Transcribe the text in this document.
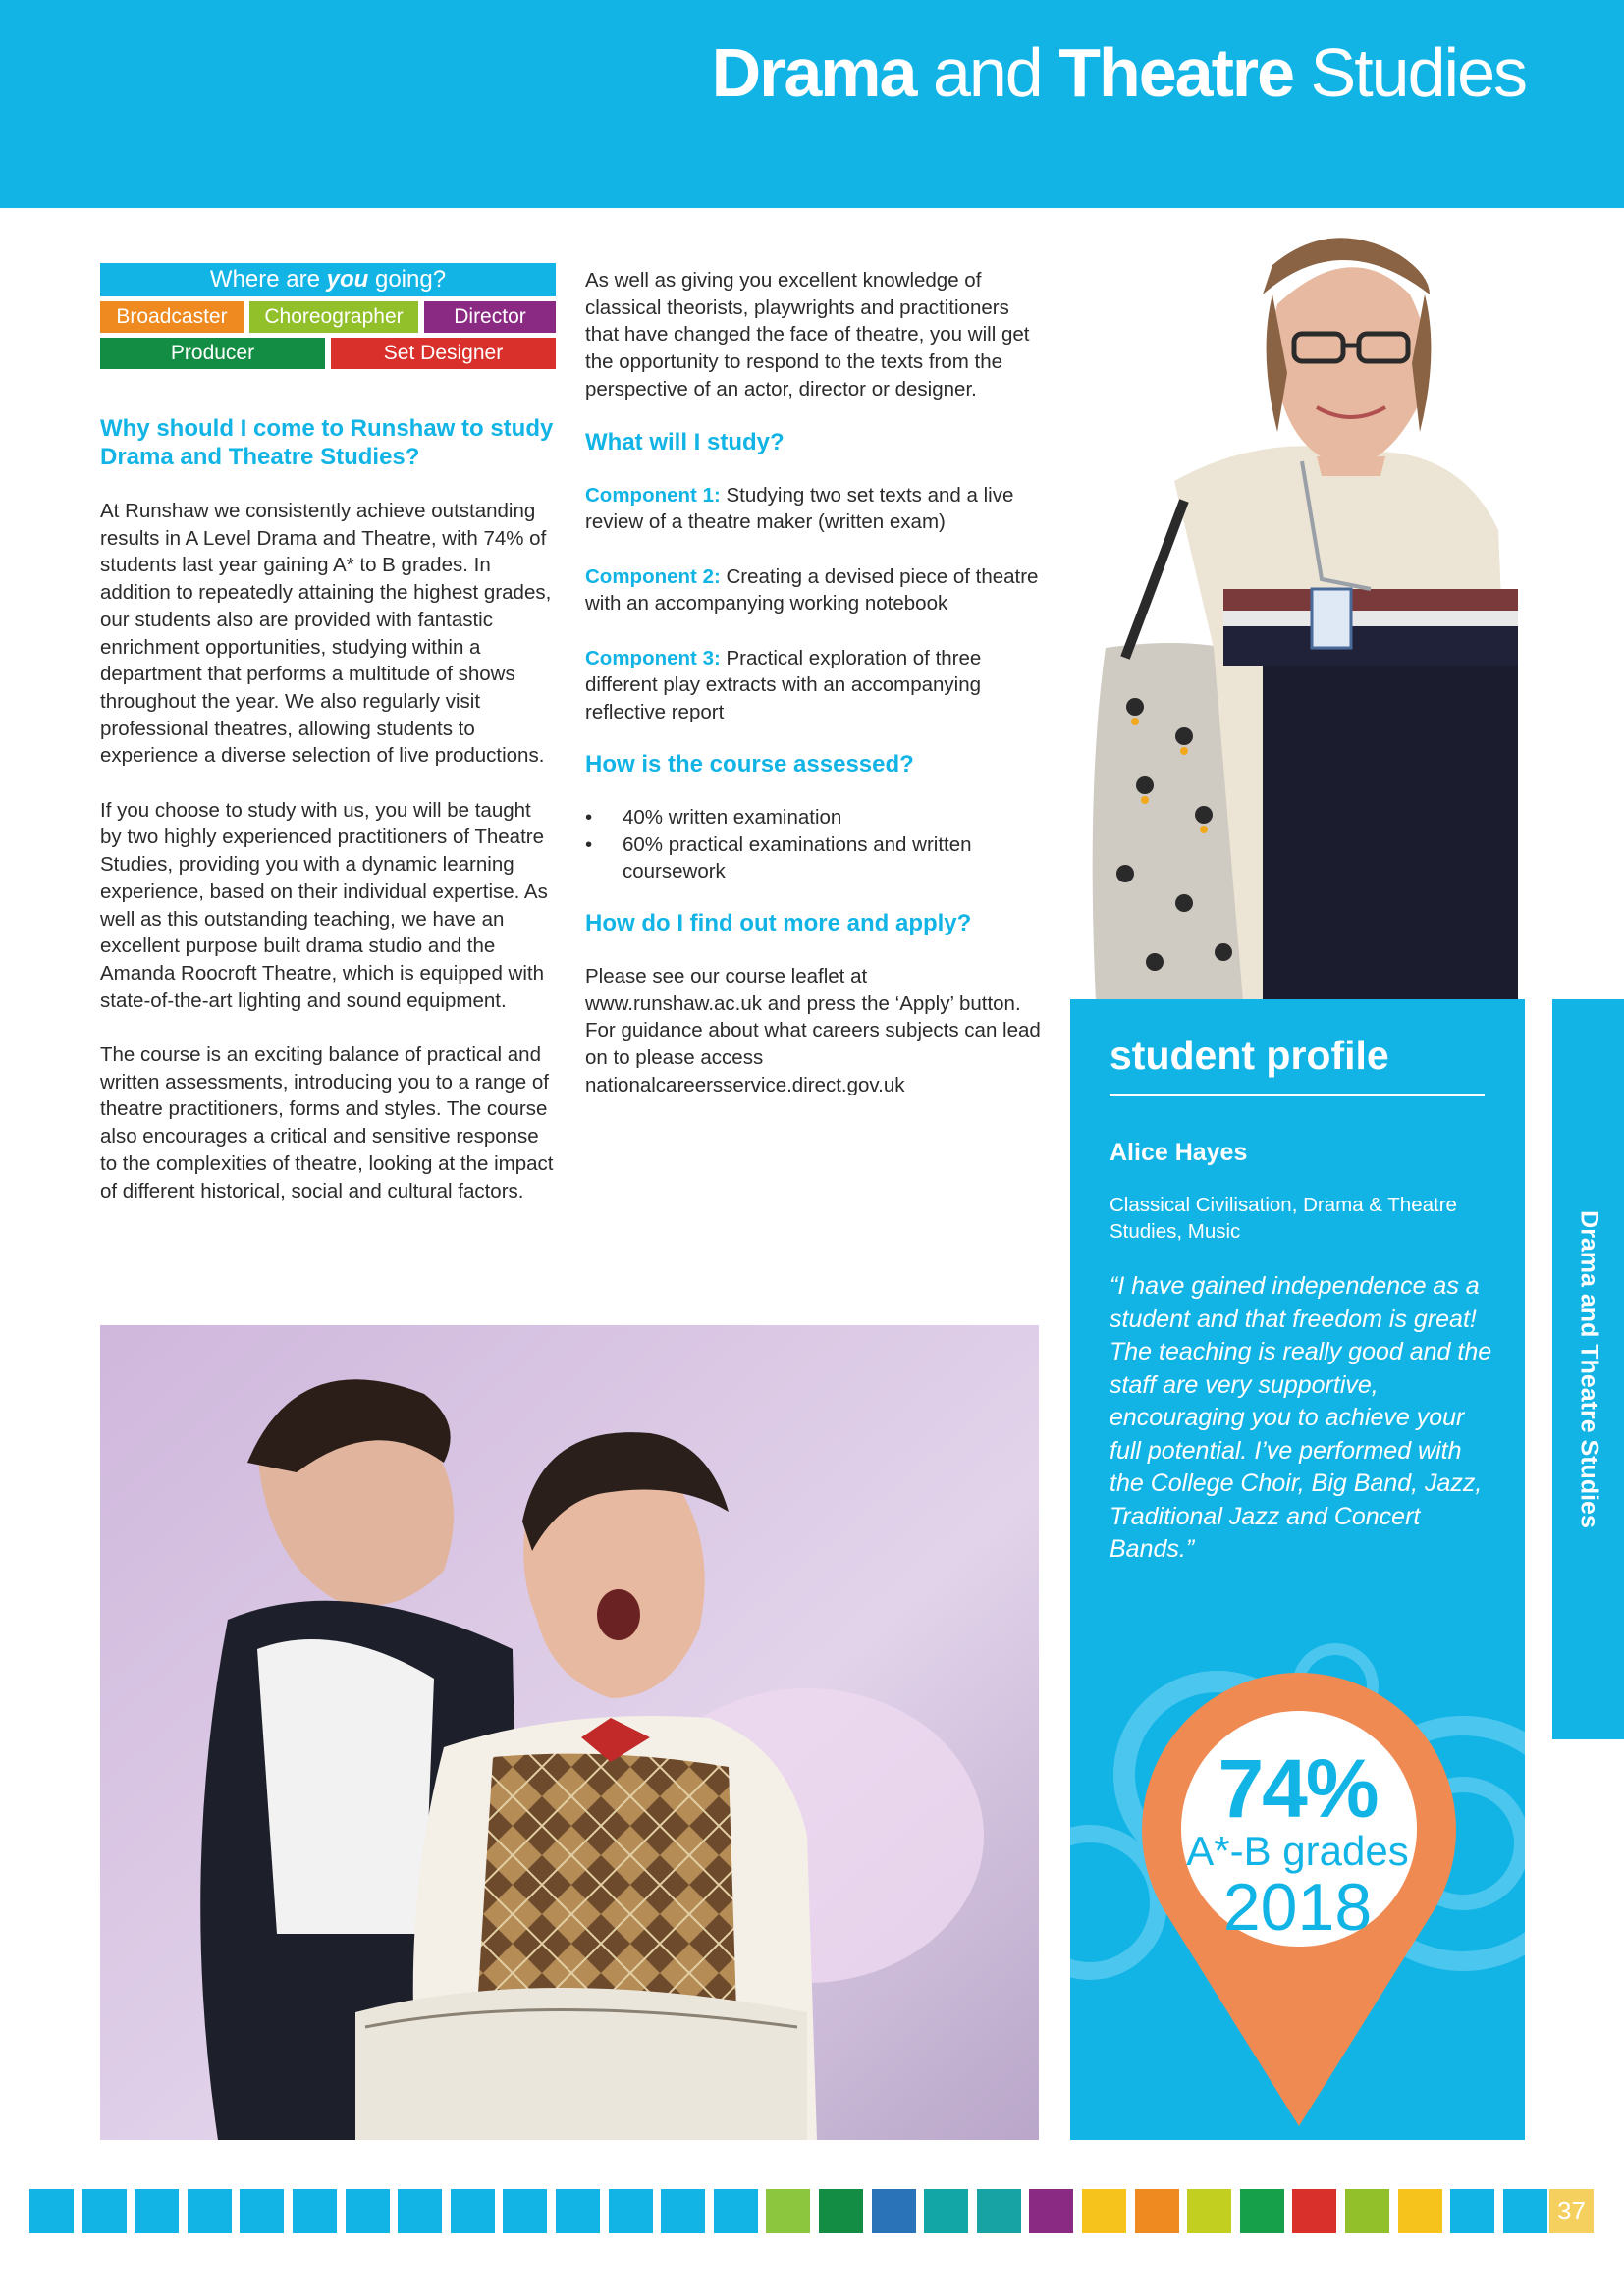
Drama and Theatre Studies
Where are you going?
Broadcaster	Choreographer	Director
Producer	Set Designer
Why should I come to Runshaw to study Drama and Theatre Studies?

At Runshaw we consistently achieve outstanding results in A Level Drama and Theatre, with 74% of students last year gaining A* to B grades. In addition to repeatedly attaining the highest grades, our students also are provided with fantastic enrichment opportunities, studying within a department that performs a multitude of shows throughout the year. We also regularly visit professional theatres, allowing students to experience a diverse selection of live productions.

If you choose to study with us, you will be taught by two highly experienced practitioners of Theatre Studies, providing you with a dynamic learning experience, based on their individual expertise. As well as this outstanding teaching, we have an excellent purpose built drama studio and the Amanda Roocroft Theatre, which is equipped with state-of-the-art lighting and sound equipment.

The course is an exciting balance of practical and written assessments, introducing you to a range of theatre practitioners, forms and styles. The course also encourages a critical and sensitive response to the complexities of theatre, looking at the impact of different historical, social and cultural factors.

As well as giving you excellent knowledge of classical theorists, playwrights and practitioners that have changed the face of theatre, you will get the opportunity to respond to the texts from the perspective of an actor, director or designer.

What will I study?

Component 1: Studying two set texts and a live review of a theatre maker (written exam)

Component 2: Creating a devised piece of theatre with an accompanying working notebook

Component 3: Practical exploration of three different play extracts with an accompanying reflective report

How is the course assessed?
• 40% written examination
• 60% practical examinations and written coursework
How do I find out more and apply?

Please see our course leaflet at www.runshaw.ac.uk and press the ‘Apply’ button. For guidance about what careers subjects can lead on to please access nationalcareersservice.direct.gov.uk

student profile
Alice Hayes
Classical Civilisation, Drama & Theatre Studies, Music
“I have gained independence as a student and that freedom is great! The teaching is really good and the staff are very supportive, encouraging you to achieve your full potential. I’ve performed with the College Choir, Big Band, Jazz, Traditional Jazz and Concert Bands.”
74%
A*-B grades
2018
Drama and Theatre Studies
37
